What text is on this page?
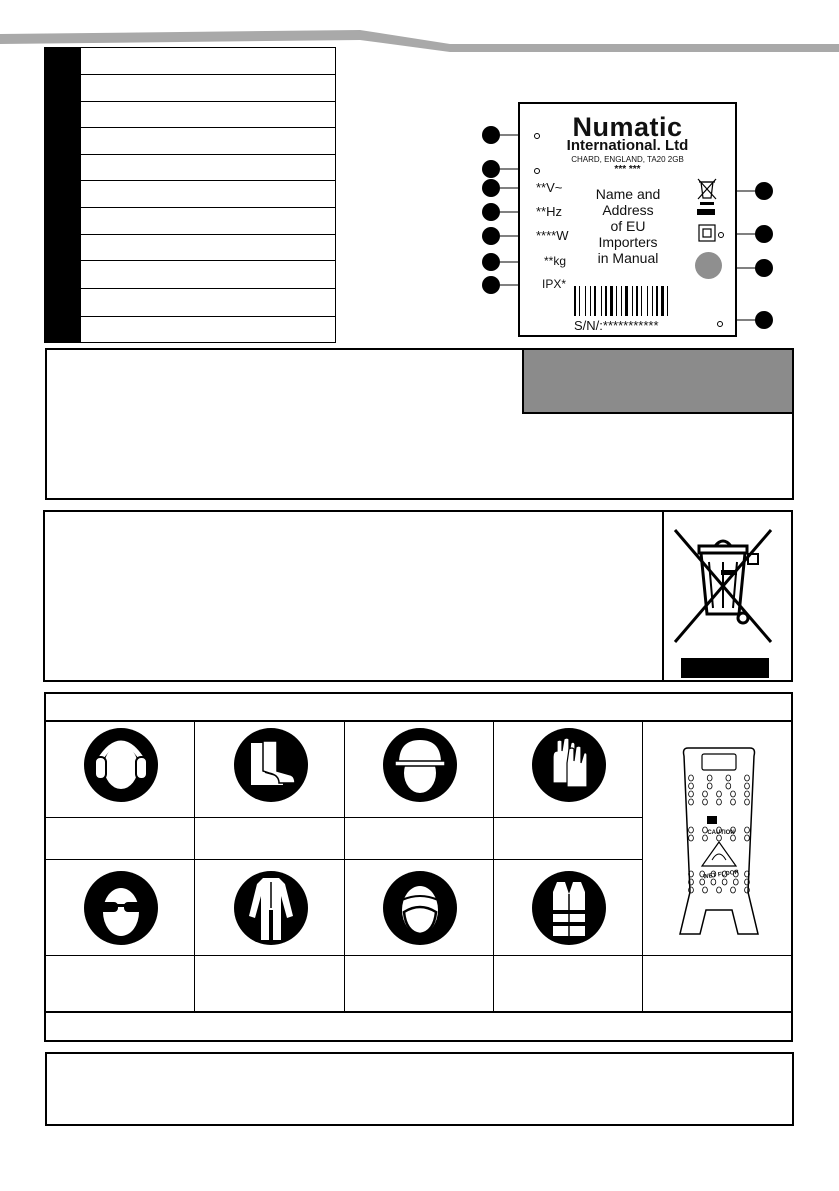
Numatic
International. Ltd
CHARD, ENGLAND, TA20 2GB
*** ***
**V~
**Hz
****W
**kg
IPX*
Name and
Address
of EU
Importers
in Manual
S/N/:***********
CAUTION
WET FLOOR
